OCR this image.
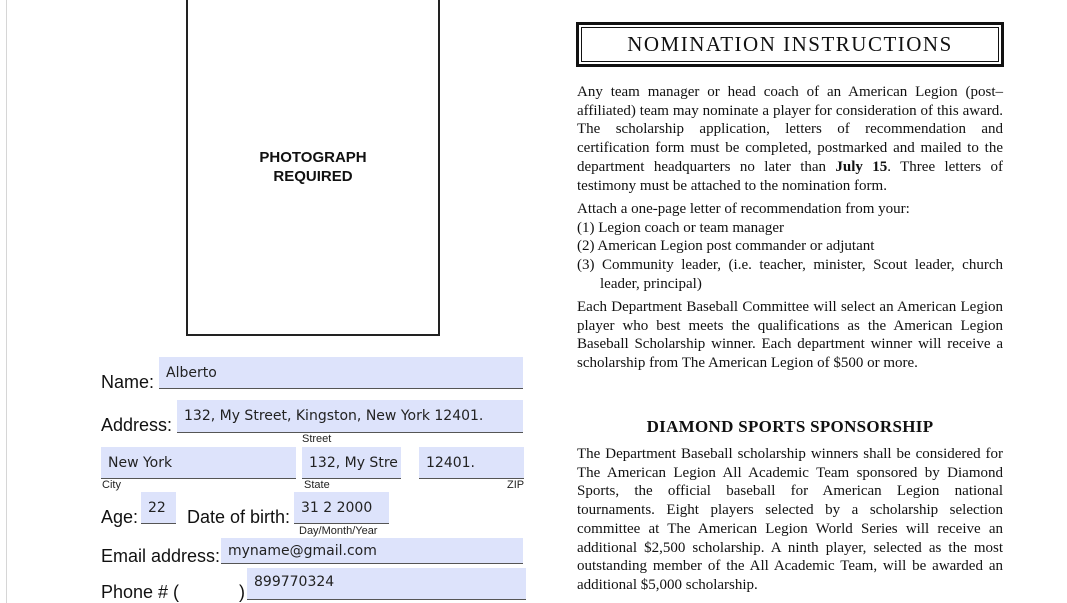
PHOTOGRAPH
REQUIRED
Name: Alberto
Address: 132, My Street, Kingston, New York 12401.
Street
New York	132, My Stre	12401.
City	State	ZIP
Age: 22	Date of birth: 31 2 2000
Day/Month/Year
Email address: myname@gmail.com
Phone # (	) 899770324
NOMINATION INSTRUCTIONS

Any team manager or head coach of an American Legion (post–affiliated) team may nominate a player for consideration of this award. The scholarship application, letters of recommendation and certification form must be completed, postmarked and mailed to the department headquarters no later than July 15. Three letters of testimony must be attached to the nomination form.

Attach a one-page letter of recommendation from your:

(1) Legion coach or team manager
(2) American Legion post commander or adjutant
(3) Community leader, (i.e. teacher, minister, Scout leader, church leader, principal)
Each Department Baseball Committee will select an American Legion player who best meets the qualifications as the American Legion Baseball Scholarship winner. Each department winner will receive a scholarship from The American Legion of $500 or more.
DIAMOND SPORTS SPONSORSHIP
The Department Baseball scholarship winners shall be considered for The American Legion All Academic Team sponsored by Diamond Sports, the official baseball for American Legion national tournaments. Eight players selected by a scholarship selection committee at The American Legion World Series will receive an additional $2,500 scholarship. A ninth player, selected as the most outstanding member of the All Academic Team, will be awarded an additional $5,000 scholarship.
